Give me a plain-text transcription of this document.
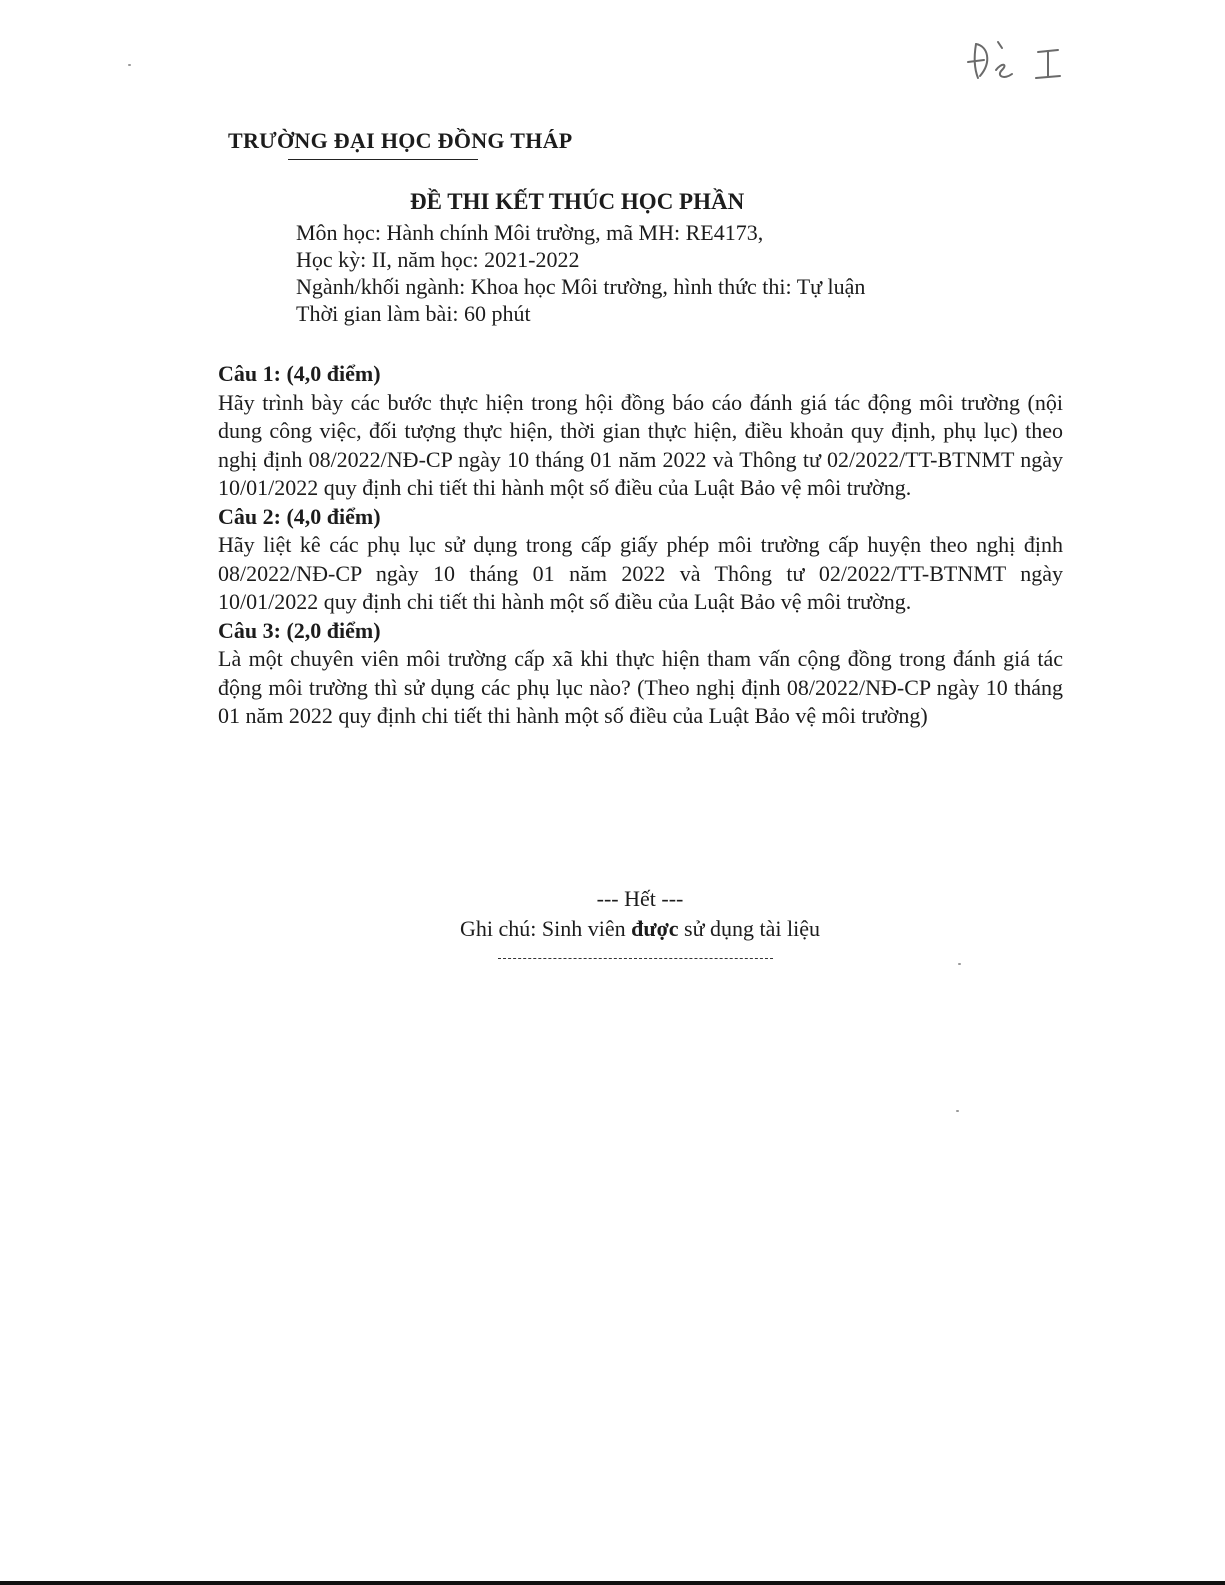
TRƯỜNG ĐẠI HỌC ĐỒNG THÁP
ĐỀ THI KẾT THÚC HỌC PHẦN
Môn học: Hành chính Môi trường, mã MH: RE4173,
Học kỳ: II, năm học: 2021-2022
Ngành/khối ngành: Khoa học Môi trường, hình thức thi: Tự luận
Thời gian làm bài: 60 phút
Câu 1: (4,0 điểm)
Hãy trình bày các bước thực hiện trong hội đồng báo cáo đánh giá tác động môi trường (nội dung công việc, đối tượng thực hiện, thời gian thực hiện, điều khoản quy định, phụ lục) theo nghị định 08/2022/NĐ-CP ngày 10 tháng 01 năm 2022 và Thông tư 02/2022/TT-BTNMT ngày 10/01/2022 quy định chi tiết thi hành một số điều của Luật Bảo vệ môi trường.
Câu 2: (4,0 điểm)
Hãy liệt kê các phụ lục sử dụng trong cấp giấy phép môi trường cấp huyện theo nghị định 08/2022/NĐ-CP ngày 10 tháng 01 năm 2022 và Thông tư 02/2022/TT-BTNMT ngày 10/01/2022 quy định chi tiết thi hành một số điều của Luật Bảo vệ môi trường.
Câu 3: (2,0 điểm)
Là một chuyên viên môi trường cấp xã khi thực hiện tham vấn cộng đồng trong đánh giá tác động môi trường thì sử dụng các phụ lục nào? (Theo nghị định 08/2022/NĐ-CP ngày 10 tháng 01 năm 2022 quy định chi tiết thi hành một số điều của Luật Bảo vệ môi trường)
--- Hết ---
Ghi chú: Sinh viên được sử dụng tài liệu
